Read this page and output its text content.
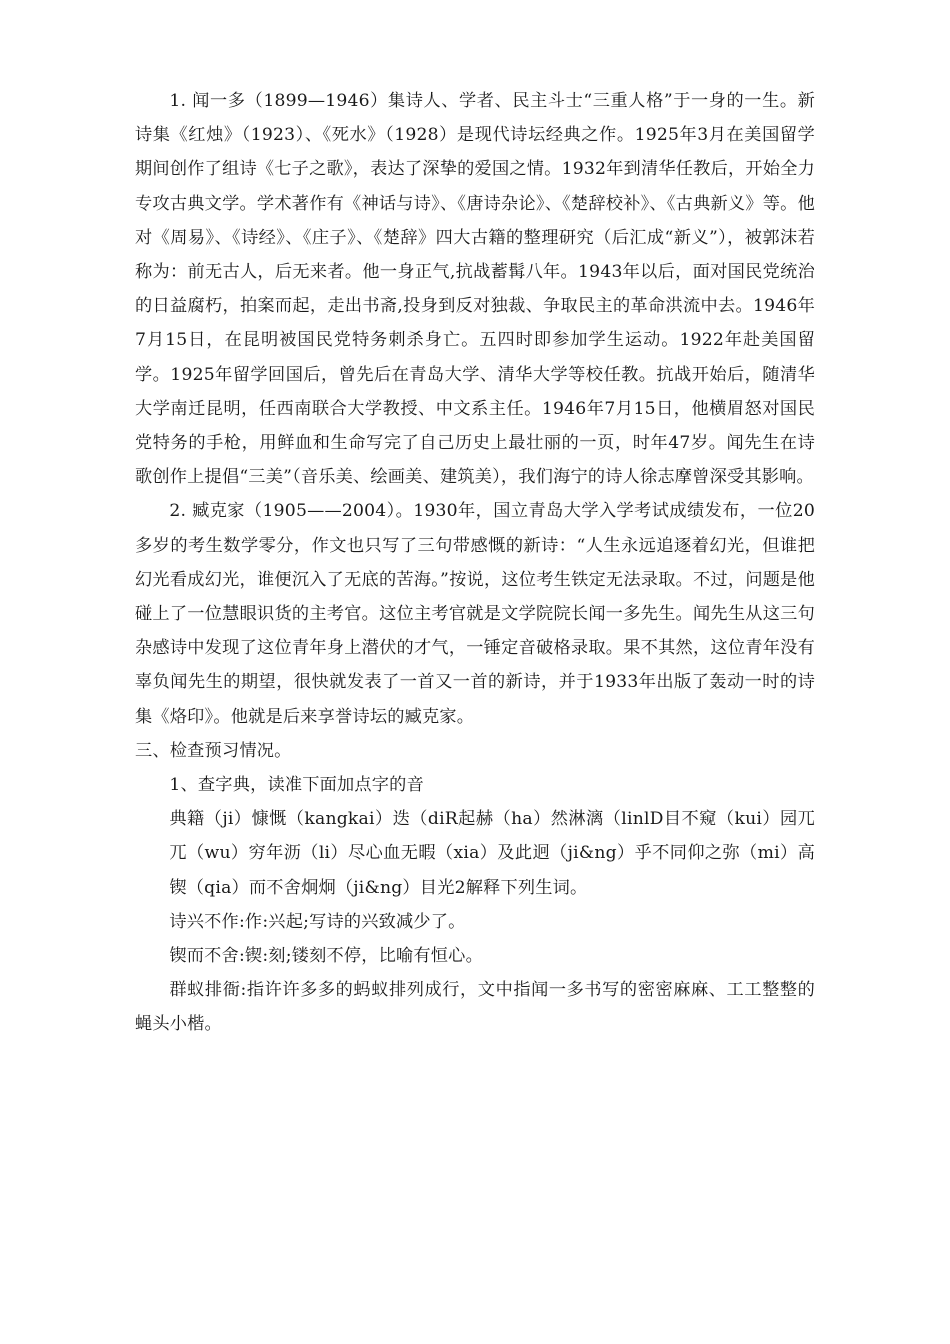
1. 闻一多（1899—1946）集诗人、学者、民主斗士“三重人格”于一身的一生。新诗集《红烛》（1923）、《死水》（1928）是现代诗坛经典之作。1925年3月在美国留学期间创作了组诗《七子之歌》，表达了深挚的爱国之情。1932年到清华任教后，开始全力专攻古典文学。学术著作有《神话与诗》、《唐诗杂论》、《楚辞校补》、《古典新义》等。他对《周易》、《诗经》、《庄子》、《楚辞》四大古籍的整理研究（后汇成“新义”），被郭沫若称为：前无古人，后无来者。他一身正气,抗战蓄髯八年。1943年以后，面对国民党统治的日益腐朽，拍案而起，走出书斋,投身到反对独裁、争取民主的革命洪流中去。1946年7月15日，在昆明被国民党特务刺杀身亡。五四时即参加学生运动。1922年赴美国留学。1925年留学回国后，曾先后在青岛大学、清华大学等校任教。抗战开始后，随清华大学南迁昆明，任西南联合大学教授、中文系主任。1946年7月15日，他横眉怒对国民党特务的手枪，用鲜血和生命写完了自己历史上最壮丽的一页，时年47岁。闻先生在诗歌创作上提倡“三美”（音乐美、绘画美、建筑美），我们海宁的诗人徐志摩曾深受其影响。

2. 臧克家（1905——2004）。1930年，国立青岛大学入学考试成绩发布，一位20多岁的考生数学零分，作文也只写了三句带感慨的新诗：“人生永远追逐着幻光，但谁把幻光看成幻光，谁便沉入了无底的苦海。”按说，这位考生铁定无法录取。不过，问题是他碰上了一位慧眼识货的主考官。这位主考官就是文学院院长闻一多先生。闻先生从这三句杂感诗中发现了这位青年身上潜伏的才气，一锤定音破格录取。果不其然，这位青年没有辜负闻先生的期望，很快就发表了一首又一首的新诗，并于1933年出版了轰动一时的诗集《烙印》。他就是后来享誉诗坛的臧克家。

三、检查预习情况。

1、查字典，读准下面加点字的音

典籍（ji）慷慨（kangkai）迭（diR起赫（ha）然淋漓（linlD目不窥（kui）园兀兀（wu）穷年沥（li）尽心血无暇（xia）及此迥（ji&ng）乎不同仰之弥（mi）高锲（qia）而不舍炯炯（ji&ng）目光2解释下列生词。

诗兴不作:作:兴起;写诗的兴致减少了。

锲而不舍:锲:刻;镂刻不停，比喻有恒心。

群蚁排衙:指许许多多的蚂蚁排列成行，文中指闻一多书写的密密麻麻、工工整整的蝇头小楷。
